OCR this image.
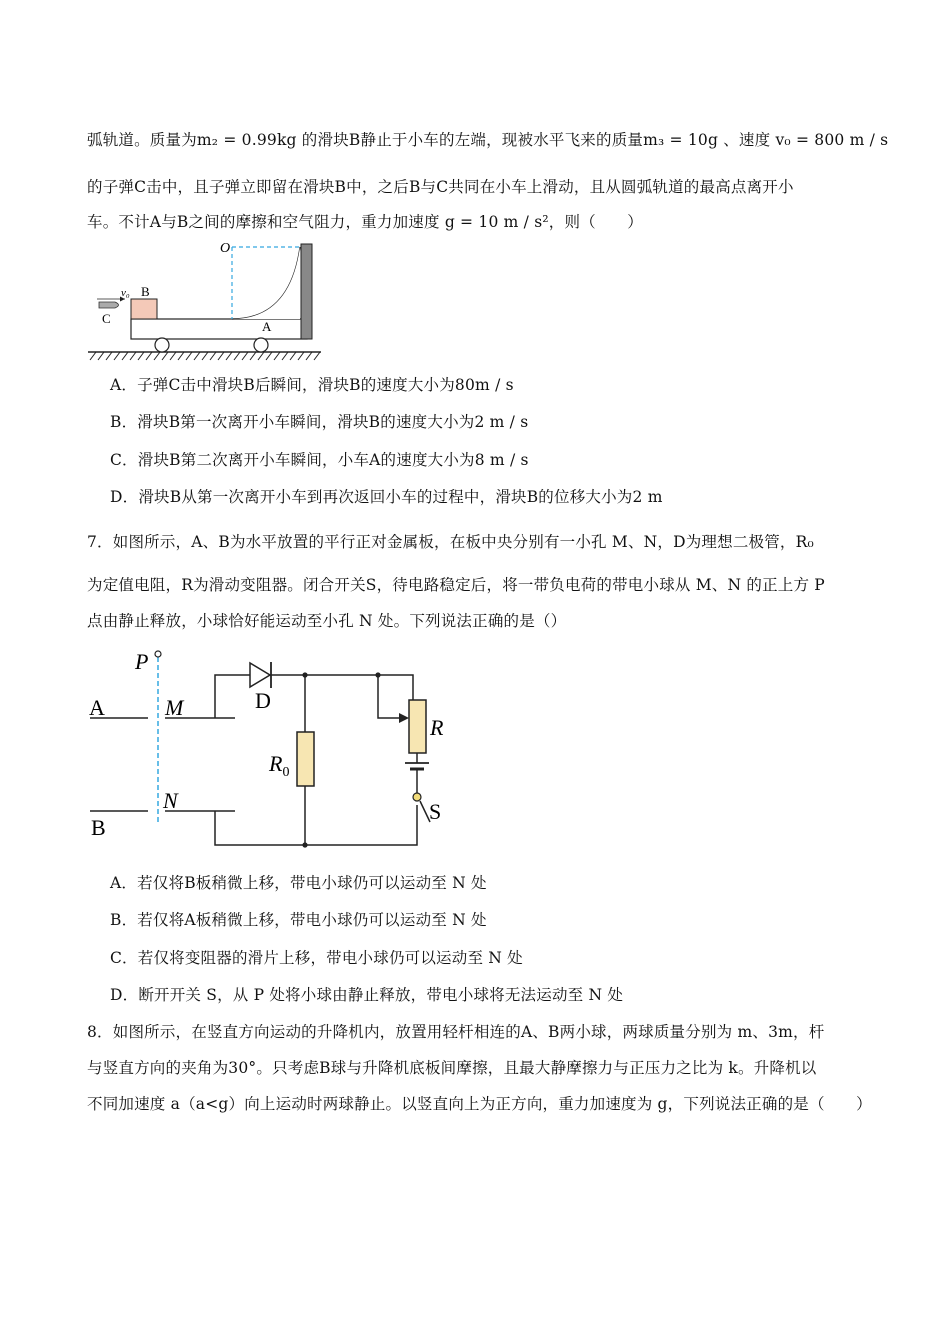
弧轨道。质量为m₂ = 0.99kg 的滑块B静止于小车的左端，现被水平飞来的质量m₃ = 10g 、速度 v₀ = 800 m / s
的子弹C击中，且子弹立即留在滑块B中，之后B与C共同在小车上滑动，且从圆弧轨道的最高点离开小
车。不计A与B之间的摩擦和空气阻力，重力加速度 g = 10 m / s²，则（　　）
O
v₀ B
C
A
A．子弹C击中滑块B后瞬间，滑块B的速度大小为80m / s
B．滑块B第一次离开小车瞬间，滑块B的速度大小为2 m / s
C．滑块B第二次离开小车瞬间，小车A的速度大小为8 m / s
D．滑块B从第一次离开小车到再次返回小车的过程中，滑块B的位移大小为2 m
7．如图所示，A、B为水平放置的平行正对金属板，在板中央分别有一小孔 M、N，D为理想二极管，R₀
为定值电阻，R为滑动变阻器。闭合开关S，待电路稳定后，将一带负电荷的带电小球从 M、N 的正上方 P
点由静止释放，小球恰好能运动至小孔 N 处。下列说法正确的是（）
P
A	M	D
R
$R_0$
N
B
S
A．若仅将B板稍微上移，带电小球仍可以运动至 N 处
B．若仅将A板稍微上移，带电小球仍可以运动至 N 处
C．若仅将变阻器的滑片上移，带电小球仍可以运动至 N 处
D．断开开关 S，从 P 处将小球由静止释放，带电小球将无法运动至 N 处
8．如图所示，在竖直方向运动的升降机内，放置用轻杆相连的A、B两小球，两球质量分别为 m、3m，杆
与竖直方向的夹角为30°。只考虑B球与升降机底板间摩擦，且最大静摩擦力与正压力之比为 k。升降机以
不同加速度 a（a<g）向上运动时两球静止。以竖直向上为正方向，重力加速度为 g，下列说法正确的是（　　）
